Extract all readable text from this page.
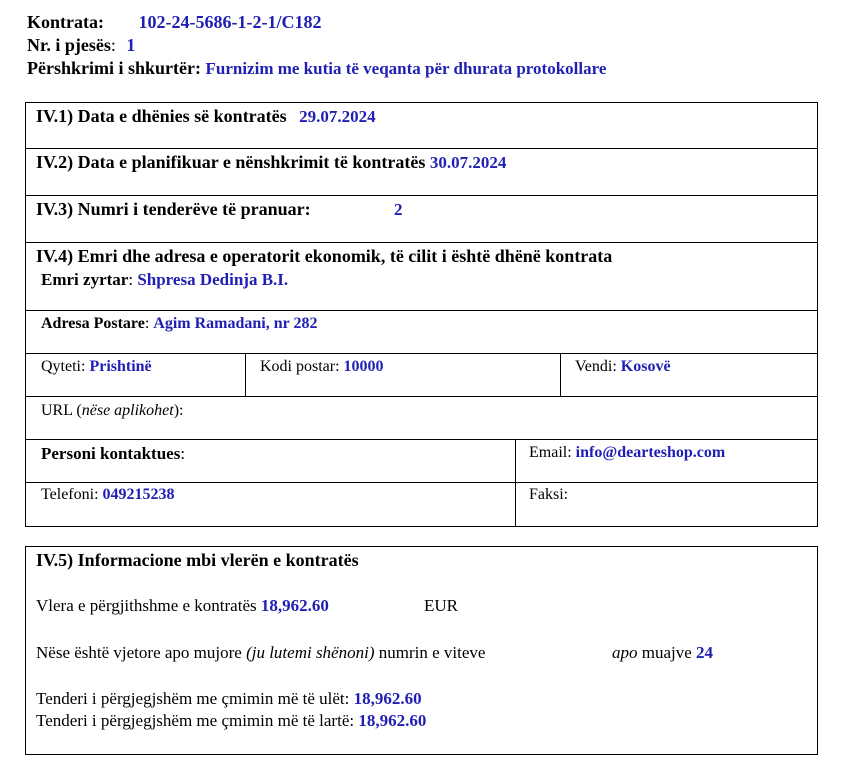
Kontrata: 102-24-5686-1-2-1/C182
Nr. i pjesës: 1
Përshkrimi i shkurtër: Furnizim me kutia të veqanta për dhurata protokollare
IV.1) Data e dhënies së kontratës 29.07.2024
IV.2) Data e planifikuar e nënshkrimit të kontratës 30.07.2024
IV.3) Numri i tenderëve të pranuar:	2
IV.4) Emri dhe adresa e operatorit ekonomik, të cilit i është dhënë kontrata
Emri zyrtar: Shpresa Dedinja B.I.
Adresa Postare: Agim Ramadani, nr 282
Qyteti: Prishtinë	Kodi postar: 10000	Vendi: Kosovë
URL (nëse aplikohet):
Personi kontaktues:	Email: info@dearteshop.com
Telefoni: 049215238	Faksi:
IV.5) Informacione mbi vlerën e kontratës
Vlera e përgjithshme e kontratës 18,962.60	EUR
Nëse është vjetore apo mujore (ju lutemi shënoni) numrin e viteve	apo muajve 24
Tenderi i përgjegjshëm me çmimin më të ulët: 18,962.60
Tenderi i përgjegjshëm me çmimin më të lartë: 18,962.60
